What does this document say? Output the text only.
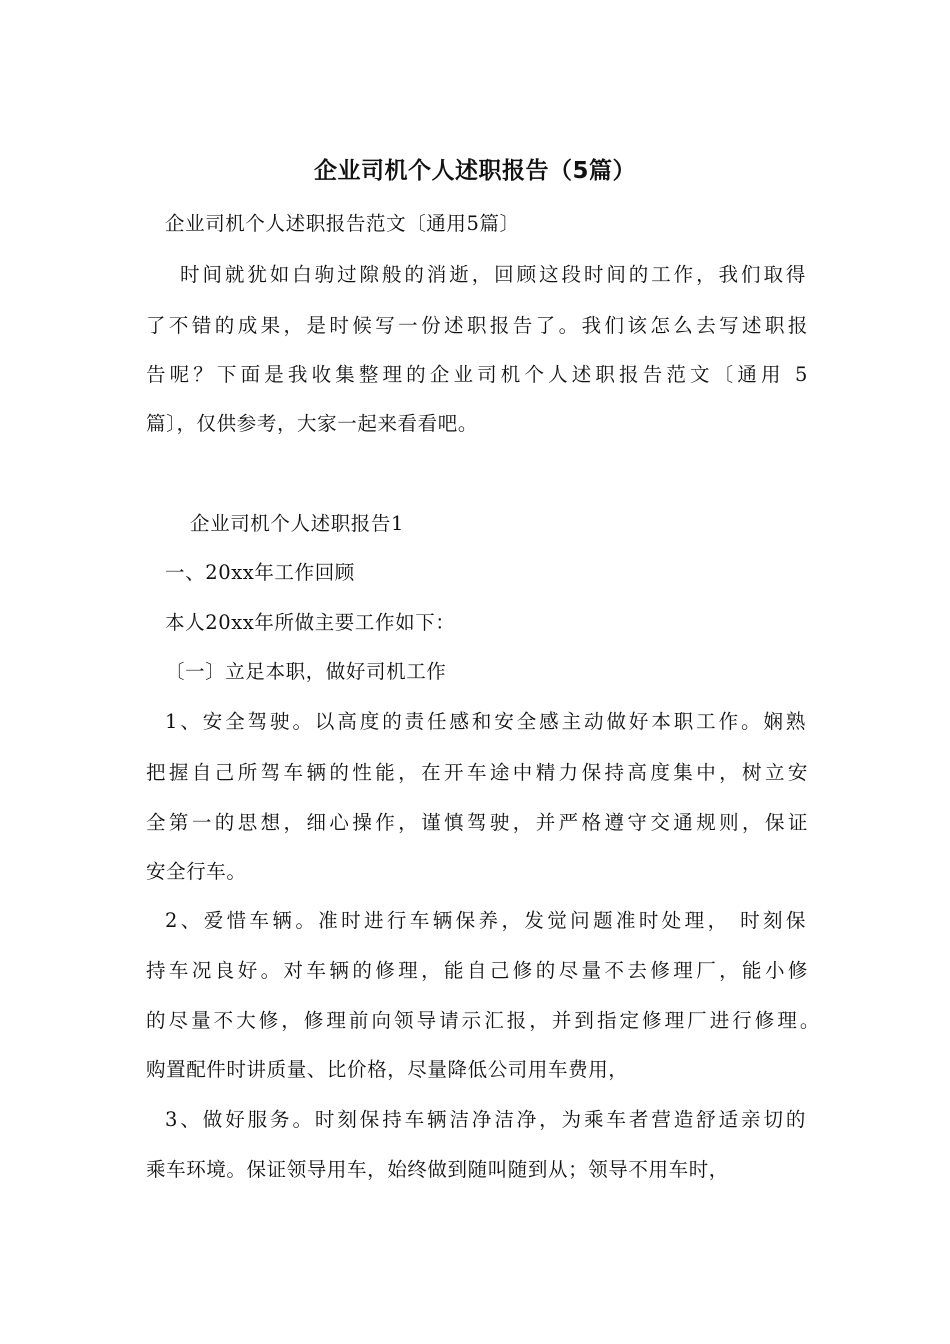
企业司机个人述职报告（5篇）
企业司机个人述职报告范文〔通用5篇〕
时间就犹如白驹过隙般的消逝，回顾这段时间的工作，我们取得
了不错的成果，是时候写一份述职报告了。我们该怎么去写述职报
告呢？下面是我收集整理的企业司机个人述职报告范文〔通用 5
篇〕，仅供参考，大家一起来看看吧。
企业司机个人述职报告1
一、20xx年工作回顾
本人20xx年所做主要工作如下：
〔一〕立足本职，做好司机工作
1、安全驾驶。以高度的责任感和安全感主动做好本职工作。娴熟
把握自己所驾车辆的性能，在开车途中精力保持高度集中，树立安
全第一的思想，细心操作，谨慎驾驶，并严格遵守交通规则，保证
安全行车。
2、爱惜车辆。准时进行车辆保养，发觉问题准时处理， 时刻保
持车况良好。对车辆的修理，能自己修的尽量不去修理厂，能小修
的尽量不大修，修理前向领导请示汇报，并到指定修理厂进行修理。
购置配件时讲质量、比价格，尽量降低公司用车费用，
3、做好服务。时刻保持车辆洁净洁净，为乘车者营造舒适亲切的
乘车环境。保证领导用车，始终做到随叫随到从；领导不用车时，
